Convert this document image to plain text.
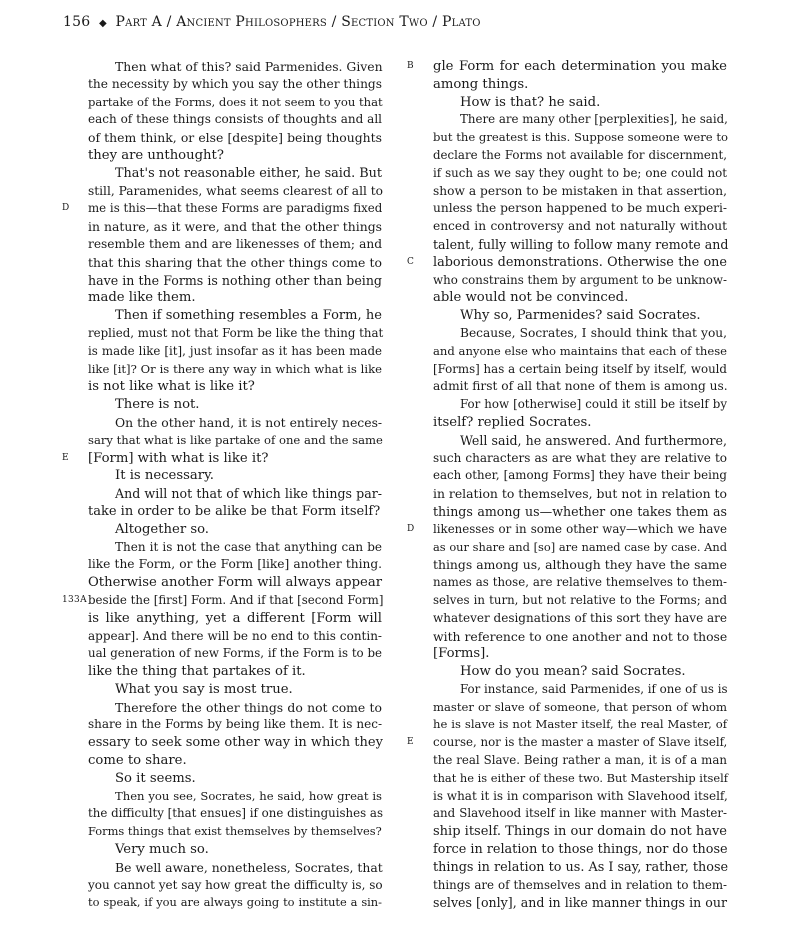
156 ◆ Part A / Ancient Philosophers / Section Two / Plato
Then what of this? said Parmenides. Given
the necessity by which you say the other things
partake of the Forms, does it not seem to you that
each of these things consists of thoughts and all
of them think, or else [despite] being thoughts
they are unthought?
That's not reasonable either, he said. But
still, Paramenides, what seems clearest of all to
D	me is this—that these Forms are paradigms fixed
in nature, as it were, and that the other things
resemble them and are likenesses of them; and
that this sharing that the other things come to
have in the Forms is nothing other than being
made like them.
Then if something resembles a Form, he
replied, must not that Form be like the thing that
is made like [it], just insofar as it has been made
like [it]? Or is there any way in which what is like
is not like what is like it?
There is not.
On the other hand, it is not entirely neces-
sary that what is like partake of one and the same
E	[Form] with what is like it?
It is necessary.
And will not that of which like things par-
take in order to be alike be that Form itself?
Altogether so.
Then it is not the case that anything can be
like the Form, or the Form [like] another thing.
Otherwise another Form will always appear
133A beside the [first] Form. And if that [second Form]
is like anything, yet a different [Form will
appear]. And there will be no end to this contin-
ual generation of new Forms, if the Form is to be
like the thing that partakes of it.
What you say is most true.
Therefore the other things do not come to
share in the Forms by being like them. It is nec-
essary to seek some other way in which they
come to share.
So it seems.
Then you see, Socrates, he said, how great is
the difficulty [that ensues] if one distinguishes as
Forms things that exist themselves by themselves?
Very much so.
Be well aware, nonetheless, Socrates, that
you cannot yet say how great the difficulty is, so
to speak, if you are always going to institute a sin-
B	gle Form for each determination you make
among things.
How is that? he said.
There are many other [perplexities], he said,
but the greatest is this. Suppose someone were to
declare the Forms not available for discernment,
if such as we say they ought to be; one could not
show a person to be mistaken in that assertion,
unless the person happened to be much experi-
enced in controversy and not naturally without
talent, fully willing to follow many remote and
C	laborious demonstrations. Otherwise the one
who constrains them by argument to be unknow-
able would not be convinced.
Why so, Parmenides? said Socrates.
Because, Socrates, I should think that you,
and anyone else who maintains that each of these
[Forms] has a certain being itself by itself, would
admit first of all that none of them is among us.
For how [otherwise] could it still be itself by
itself? replied Socrates.
Well said, he answered. And furthermore,
such characters as are what they are relative to
each other, [among Forms] they have their being
in relation to themselves, but not in relation to
things among us—whether one takes them as
D	likenesses or in some other way—which we have
as our share and [so] are named case by case. And
things among us, although they have the same
names as those, are relative themselves to them-
selves in turn, but not relative to the Forms; and
whatever designations of this sort they have are
with reference to one another and not to those
[Forms].
How do you mean? said Socrates.
For instance, said Parmenides, if one of us is
master or slave of someone, that person of whom
he is slave is not Master itself, the real Master, of
E	course, nor is the master a master of Slave itself,
the real Slave. Being rather a man, it is of a man
that he is either of these two. But Mastership itself
is what it is in comparison with Slavehood itself,
and Slavehood itself in like manner with Master-
ship itself. Things in our domain do not have
force in relation to those things, nor do those
things in relation to us. As I say, rather, those
things are of themselves and in relation to them-
selves [only], and in like manner things in our
